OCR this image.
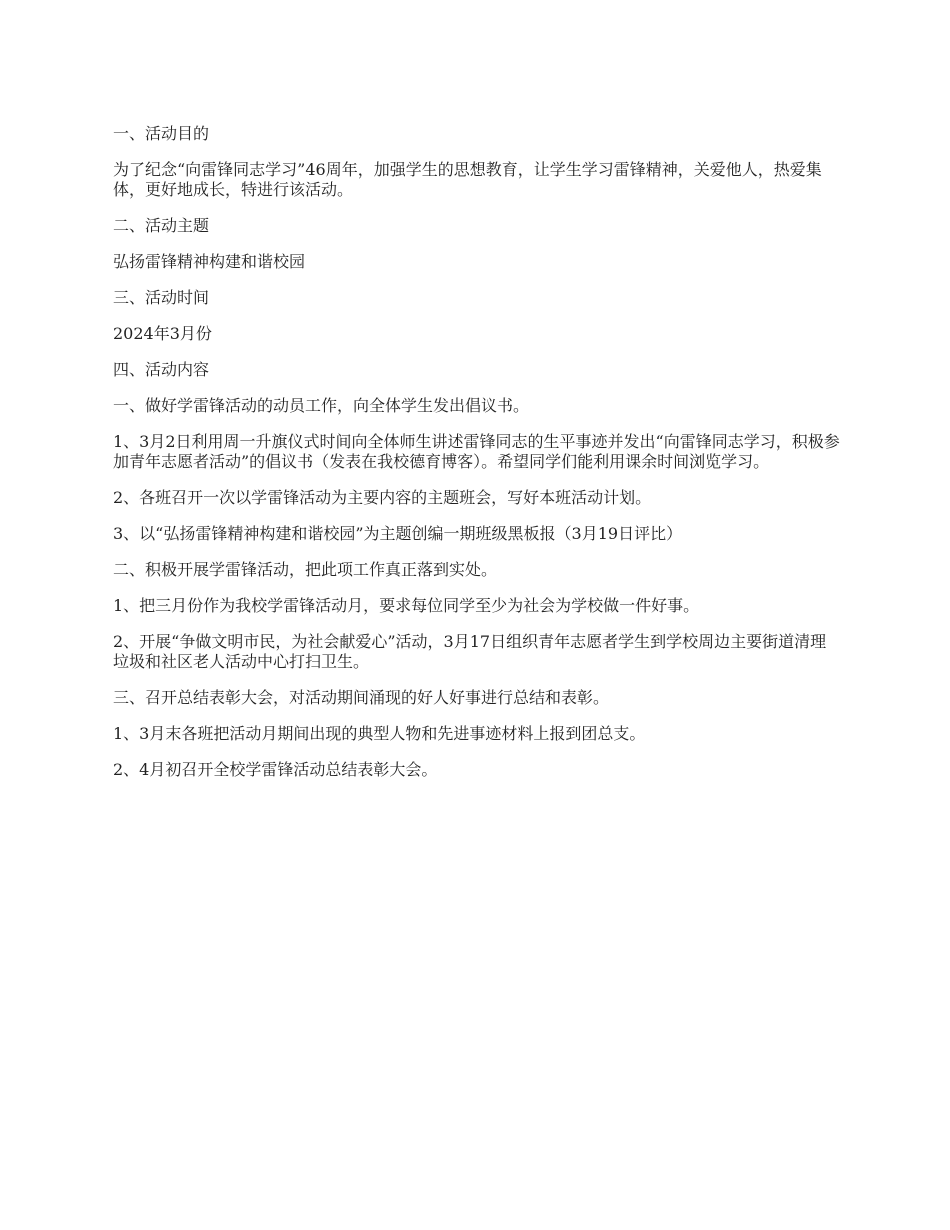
一、活动目的

为了纪念“向雷锋同志学习”46周年，加强学生的思想教育，让学生学习雷锋精神，关爱他人，热爱集体，更好地成长，特进行该活动。

二、活动主题

弘扬雷锋精神构建和谐校园

三、活动时间

2024年3月份

四、活动内容

一、做好学雷锋活动的动员工作，向全体学生发出倡议书。

1、3月2日利用周一升旗仪式时间向全体师生讲述雷锋同志的生平事迹并发出“向雷锋同志学习，积极参加青年志愿者活动”的倡议书（发表在我校德育博客）。希望同学们能利用课余时间浏览学习。

2、各班召开一次以学雷锋活动为主要内容的主题班会，写好本班活动计划。

3、以“弘扬雷锋精神构建和谐校园”为主题创编一期班级黑板报（3月19日评比）

二、积极开展学雷锋活动，把此项工作真正落到实处。

1、把三月份作为我校学雷锋活动月，要求每位同学至少为社会为学校做一件好事。

2、开展“争做文明市民，为社会献爱心”活动，3月17日组织青年志愿者学生到学校周边主要街道清理垃圾和社区老人活动中心打扫卫生。

三、召开总结表彰大会，对活动期间涌现的好人好事进行总结和表彰。

1、3月末各班把活动月期间出现的典型人物和先进事迹材料上报到团总支。

2、4月初召开全校学雷锋活动总结表彰大会。
